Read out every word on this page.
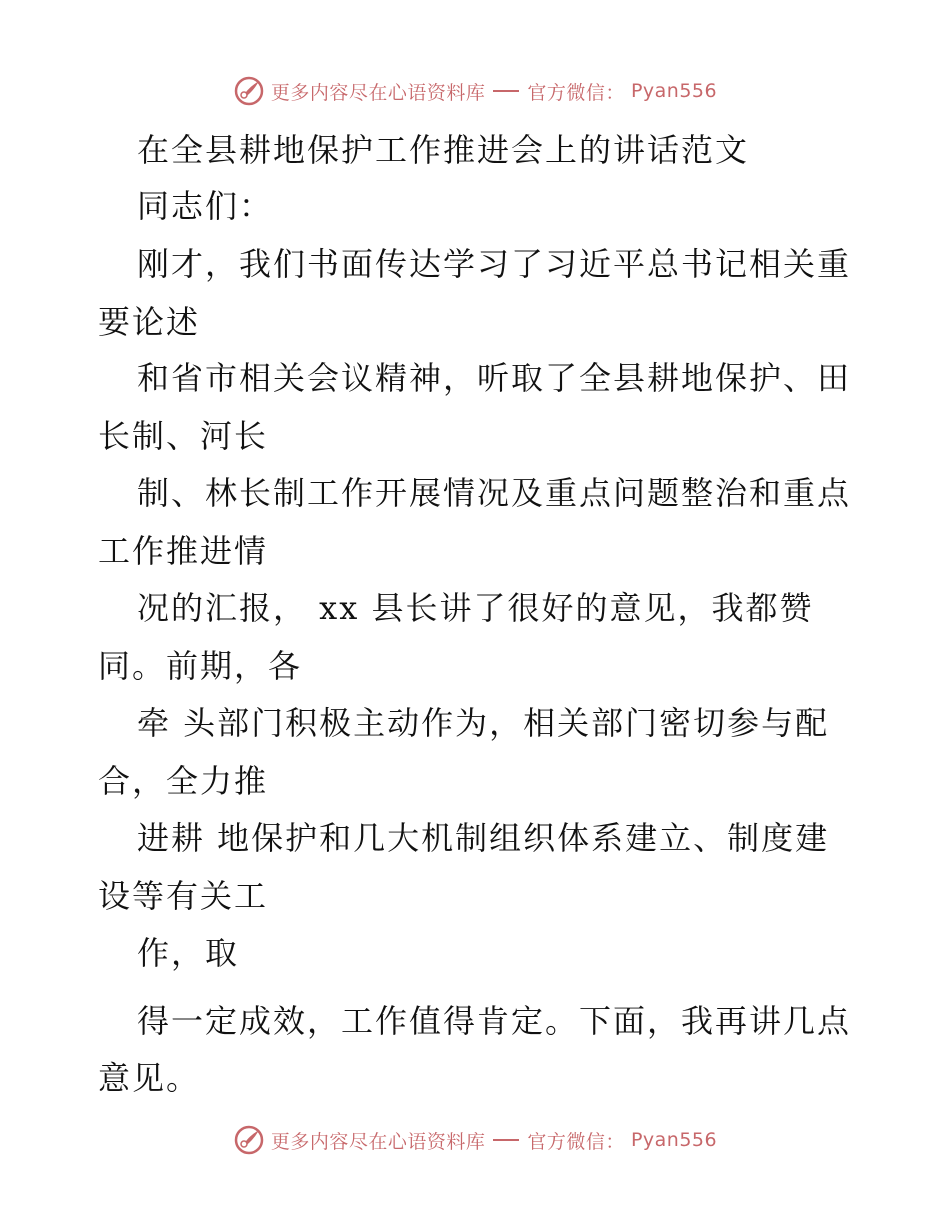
更多内容尽在心语资料库 官方微信： Pyan556
在全县耕地保护工作推进会上的讲话范文
同志们：
刚才，我们书面传达学习了习近平总书记相关重
要论述
和省市相关会议精神，听取了全县耕地保护、田
长制、河长
制、林长制工作开展情况及重点问题整治和重点
工作推进情
况的汇报， xx 县长讲了很好的意见，我都赞
同。前期，各
牵 头部门积极主动作为，相关部门密切参与配
合，全力推
进耕 地保护和几大机制组织体系建立、制度建
设等有关工
作，取
得一定成效，工作值得肯定。下面，我再讲几点
意见。
更多内容尽在心语资料库 官方微信： Pyan556
